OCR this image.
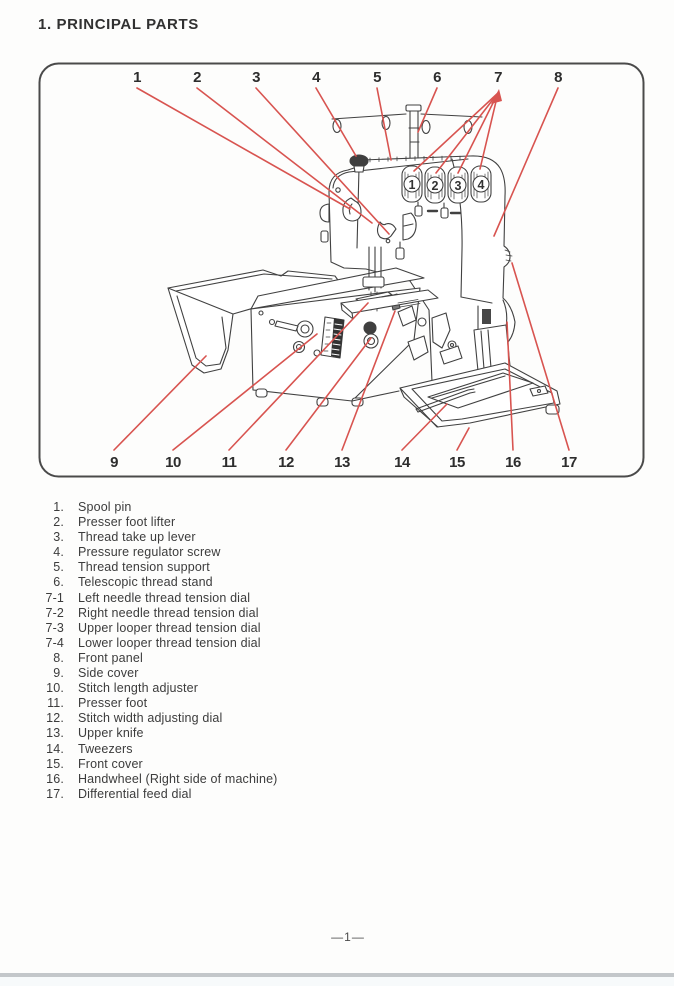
1. PRINCIPAL PARTS
1	2	3	4	5	6	7	8
9	10	11	12	13	14	15	16	17
1 2 3 4
1. Spool pin
2. Presser foot lifter
3. Thread take up lever
4. Pressure regulator screw
5. Thread tension support
6. Telescopic thread stand
7-1 Left needle thread tension dial
7-2 Right needle thread tension dial
7-3 Upper looper thread tension dial
7-4 Lower looper thread tension dial
8. Front panel
9. Side cover
10. Stitch length adjuster
11. Presser foot
12. Stitch width adjusting dial
13. Upper knife
14. Tweezers
15. Front cover
16. Handwheel (Right side of machine)
17. Differential feed dial
—1—
